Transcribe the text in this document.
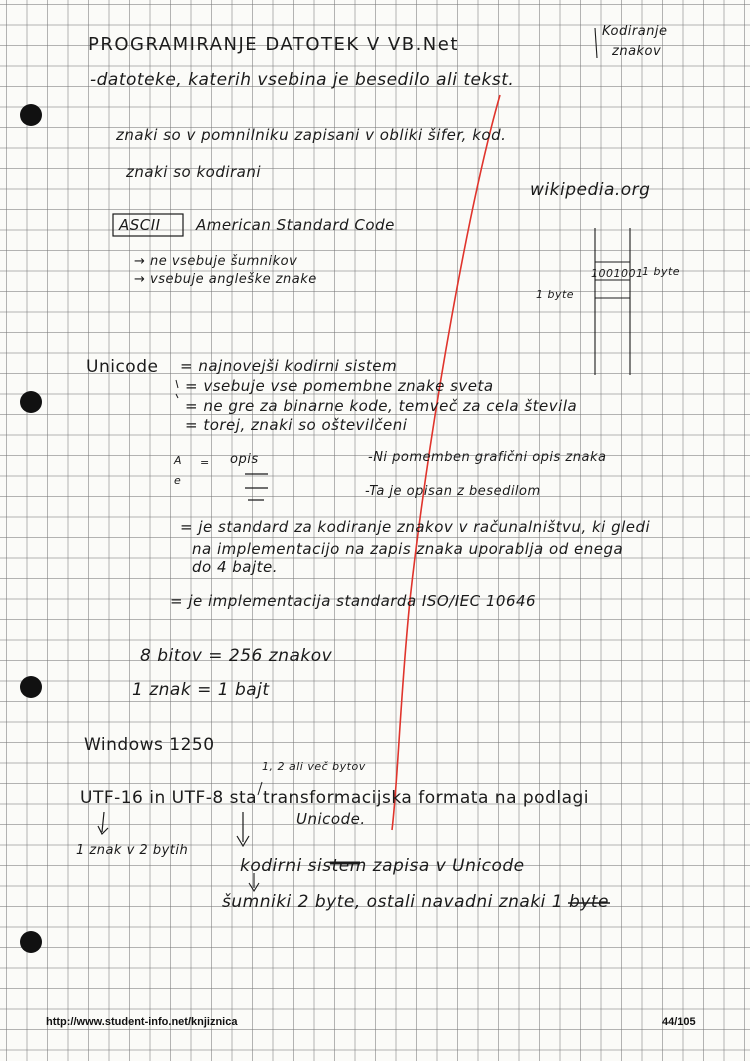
PROGRAMIRANJE DATOTEK V VB.Net
Kodiranje
znakov
-datoteke, katerih vsebina je besedilo ali tekst.
znaki so v pomnilniku zapisani v obliki šifer, kod.
znaki so kodirani
wikipedia.org
ASCII American Standard Code
→ ne vsebuje šumnikov
→ vsebuje angleške znake	1001001
1 byte
1 byte
Unicode = najnovejši kodirni sistem
= vsebuje vse pomembne znake sveta
= ne gre za binarne kode, temveč za cela števila
= torej, znaki so oštevilčeni
A
e
opis
=	-Ni pomemben grafični opis znaka
-Ta je opisan z besedilom
= je standard za kodiranje znakov v računalništvu, ki gledi
na implementacijo na zapis znaka uporablja od enega
do 4 bajte.
= je implementacija standarda ISO/IEC 10646
8 bitov = 256 znakov
1 znak = 1 bajt
Windows 1250
1, 2 ali več bytov
UTF-16 in UTF-8 sta transformacijska formata na podlagi
Unicode.
1 znak v 2 bytih
kodirni sistem zapisa v Unicode
šumniki 2 byte, ostali navadni znaki 1 byte
http://www.student-info.net/knjiznica	44/105
